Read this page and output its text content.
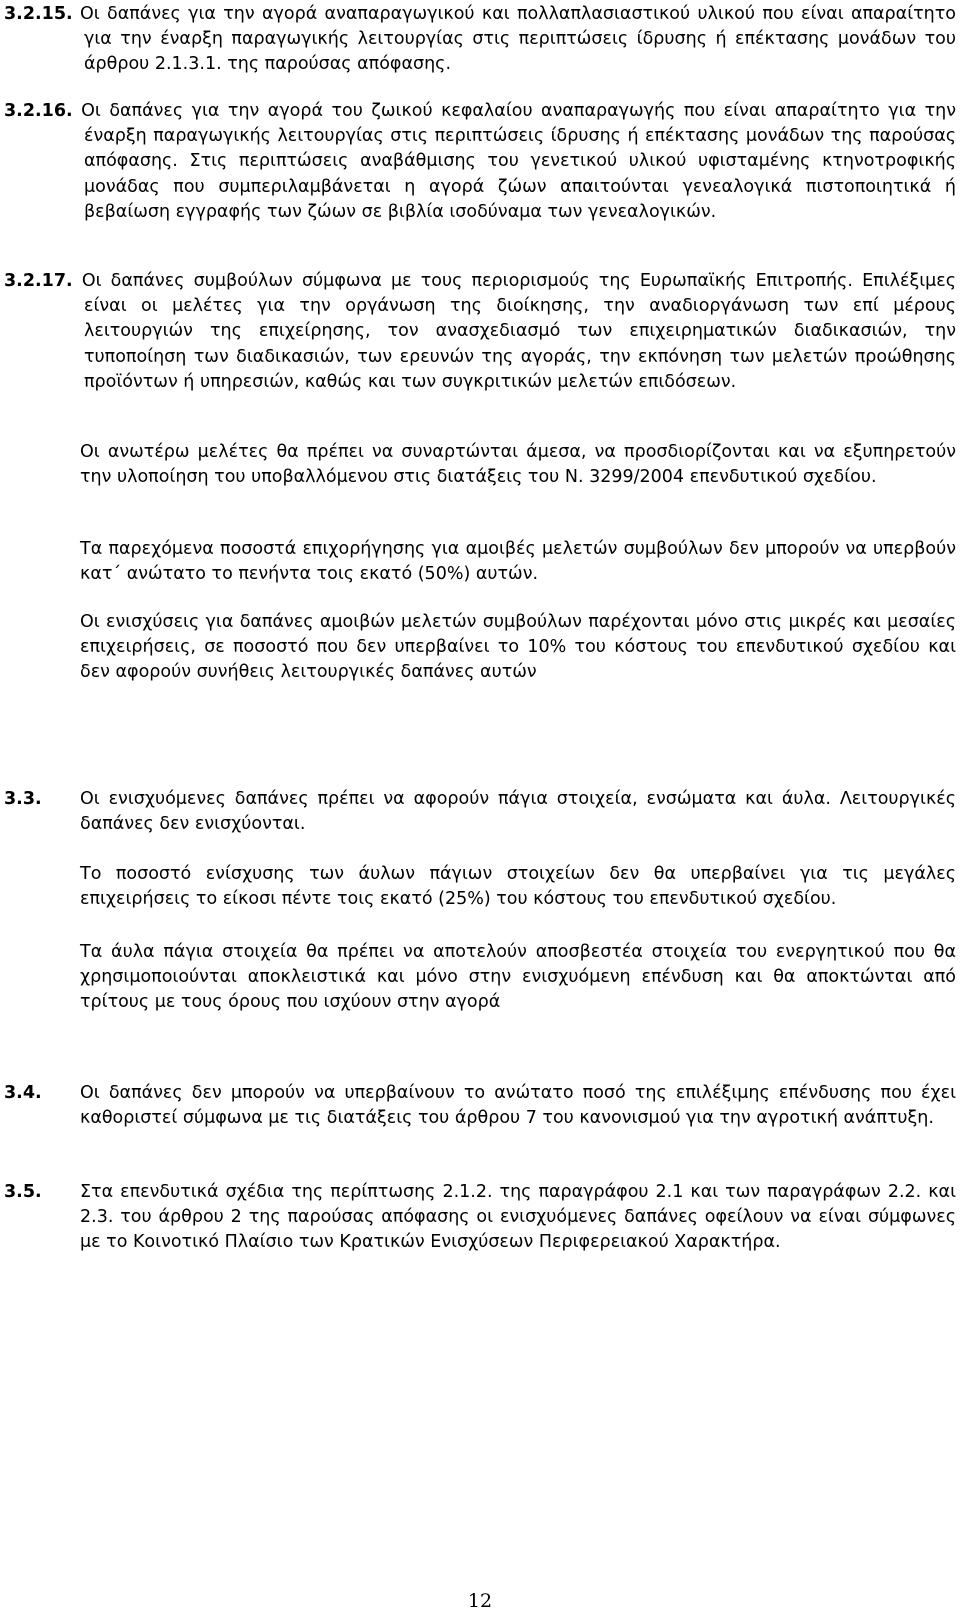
3.2.15. Οι δαπάνες για την αγορά αναπαραγωγικού και πολλαπλασιαστικού υλικού που είναι απαραίτητο για την έναρξη παραγωγικής λειτουργίας στις περιπτώσεις ίδρυσης ή επέκτασης μονάδων του άρθρου 2.1.3.1. της παρούσας απόφασης.

3.2.16. Οι δαπάνες για την αγορά του ζωικού κεφαλαίου αναπαραγωγής που είναι απαραίτητο για την έναρξη παραγωγικής λειτουργίας στις περιπτώσεις ίδρυσης ή επέκτασης μονάδων της παρούσας απόφασης. Στις περιπτώσεις αναβάθμισης του γενετικού υλικού υφισταμένης κτηνοτροφικής μονάδας που συμπεριλαμβάνεται η αγορά ζώων απαιτούνται γενεαλογικά πιστοποιητικά ή βεβαίωση εγγραφής των ζώων σε βιβλία ισοδύναμα των γενεαλογικών.

3.2.17. Οι δαπάνες συμβούλων σύμφωνα με τους περιορισμούς της Ευρωπαϊκής Επιτροπής. Επιλέξιμες είναι οι μελέτες για την οργάνωση της διοίκησης, την αναδιοργάνωση των επί μέρους λειτουργιών της επιχείρησης, τον ανασχεδιασμό των επιχειρηματικών διαδικασιών, την τυποποίηση των διαδικασιών, των ερευνών της αγοράς, την εκπόνηση των μελετών προώθησης προϊόντων ή υπηρεσιών, καθώς και των συγκριτικών μελετών επιδόσεων.

Οι ανωτέρω μελέτες θα πρέπει να συναρτώνται άμεσα, να προσδιορίζονται και να εξυπηρετούν την υλοποίηση του υποβαλλόμενου στις διατάξεις του Ν. 3299/2004 επενδυτικού σχεδίου.

Τα παρεχόμενα ποσοστά επιχορήγησης για αμοιβές μελετών συμβούλων δεν μπορούν να υπερβούν κατ΄ ανώτατο το πενήντα τοις εκατό (50%) αυτών.

Οι ενισχύσεις για δαπάνες αμοιβών μελετών συμβούλων παρέχονται μόνο στις μικρές και μεσαίες επιχειρήσεις, σε ποσοστό που δεν υπερβαίνει το 10% του κόστους του επενδυτικού σχεδίου και δεν αφορούν συνήθεις λειτουργικές δαπάνες αυτών

3.3. Οι ενισχυόμενες δαπάνες πρέπει να αφορούν πάγια στοιχεία, ενσώματα και άυλα. Λειτουργικές δαπάνες δεν ενισχύονται.

Το ποσοστό ενίσχυσης των άυλων πάγιων στοιχείων δεν θα υπερβαίνει για τις μεγάλες επιχειρήσεις το είκοσι πέντε τοις εκατό (25%) του κόστους του επενδυτικού σχεδίου.

Τα άυλα πάγια στοιχεία θα πρέπει να αποτελούν αποσβεστέα στοιχεία του ενεργητικού που θα χρησιμοποιούνται αποκλειστικά και μόνο στην ενισχυόμενη επένδυση και θα αποκτώνται από τρίτους με τους όρους που ισχύουν στην αγορά

3.4. Οι δαπάνες δεν μπορούν να υπερβαίνουν το ανώτατο ποσό της επιλέξιμης επένδυσης που έχει καθοριστεί σύμφωνα με τις διατάξεις του άρθρου 7 του κανονισμού για την αγροτική ανάπτυξη.

3.5. Στα επενδυτικά σχέδια της περίπτωσης 2.1.2. της παραγράφου 2.1 και των παραγράφων 2.2. και 2.3. του άρθρου 2 της παρούσας απόφασης οι ενισχυόμενες δαπάνες οφείλουν να είναι σύμφωνες με το Κοινοτικό Πλαίσιο των Κρατικών Ενισχύσεων Περιφερειακού Χαρακτήρα.

12
